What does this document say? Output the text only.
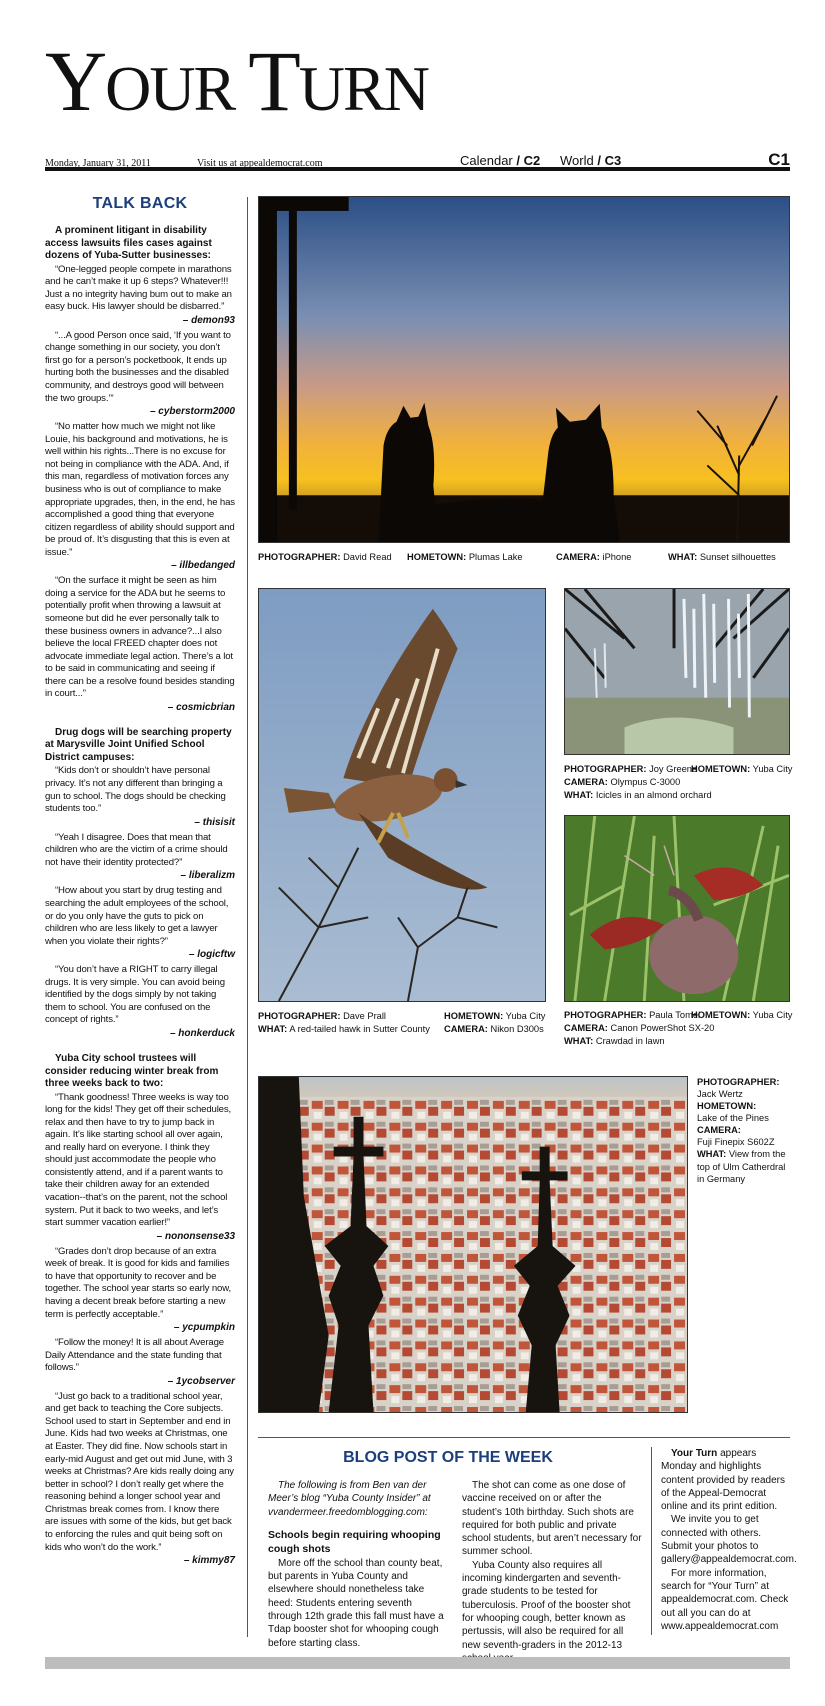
YOUR TURN
Monday, January 31, 2011	Visit us at appealdemocrat.com	Calendar / C2 World / C3	C1
TALK BACK
A prominent litigant in disability access lawsuits files cases against dozens of Yuba-Sutter businesses:
“One-legged people compete in marathons and he can’t make it up 6 steps? Whatever!!! Just a no integrity having bum out to make an easy buck. His lawyer should be disbarred.”
– demon93
“...A good Person once said, ‘If you want to change something in our society, you don’t first go for a person’s pocketbook, It ends up hurting both the businesses and the disabled community, and destroys good will between the two groups.’”
– cyberstorm2000
“No matter how much we might not like Louie, his background and motivations, he is well within his rights...There is no excuse for not being in compliance with the ADA. And, if this man, regardless of motivation forces any business who is out of compliance to make appropriate upgrades, then, in the end, he has accomplished a good thing that everyone citizen regardless of ability should support and be proud of. It’s disgusting that this is even at issue.”
– illbedanged
“On the surface it might be seen as him doing a service for the ADA but he seems to potentially profit when throwing a lawsuit at someone but did he ever personally talk to these business owners in advance?...I also believe the local FREED chapter does not advocate immediate legal action. There’s a lot to be said in communicating and seeing if there can be a resolve found besides standing in court...”
– cosmicbrian
Drug dogs will be searching property at Marysville Joint Unified School District campuses:
“Kids don’t or shouldn’t have personal privacy. It’s not any different than bringing a gun to school. The dogs should be checking students too.”
– thisisit
“Yeah I disagree. Does that mean that children who are the victim of a crime should not have their identity protected?”
– liberalizm
“How about you start by drug testing and searching the adult employees of the school, or do you only have the guts to pick on children who are less likely to get a lawyer when you violate their rights?”
– logicftw
“You don’t have a RIGHT to carry illegal drugs. It is very simple. You can avoid being identified by the dogs simply by not taking them to school. You are confused on the concept of rights.”
– honkerduck
Yuba City school trustees will consider reducing winter break from three weeks back to two:
“Thank goodness! Three weeks is way too long for the kids! They get off their schedules, relax and then have to try to jump back in again. It’s like starting school all over again, and really hard on everyone. I think they should just accommodate the people who consistently attend, and if a parent wants to take their children away for an extended vacation--that’s on the parent, not the school system. Put it back to two weeks, and let’s start summer vacation earlier!”
– nononsense33
“Grades don’t drop because of an extra week of break. It is good for kids and families to have that opportunity to recover and be together. The school year starts so early now, having a decent break before starting a new term is perfectly acceptable.”
– ycpumpkin
“Follow the money! It is all about Average Daily Attendance and the state funding that follows.”
– 1ycobserver
“Just go back to a traditional school year, and get back to teaching the Core subjects. School used to start in September and end in June. Kids had two weeks at Christmas, one at Easter. They did fine. Now schools start in early-mid August and get out mid June, with 3 weeks at Christmas? Are kids really doing any better in school? I don’t really get where the reasoning behind a longer school year and Christmas break comes from. I know there are issues with some of the kids, but get back to enforcing the rules and quit being soft on kids who won’t do the work.”
– kimmy87
PHOTOGRAPHER: David Read HOMETOWN: Plumas Lake	CAMERA: iPhone	WHAT: Sunset silhouettes
PHOTOGRAPHER: Dave Prall	HOMETOWN: Yuba City
WHAT: A red-tailed hawk in Sutter County CAMERA: Nikon D300s
PHOTOGRAPHER: Joy Greene
HOMETOWN: Yuba City
CAMERA: Olympus C-3000
WHAT: Icicles in an almond orchard
PHOTOGRAPHER: Paula Tomei
HOMETOWN: Yuba City
CAMERA: Canon PowerShot SX-20
WHAT: Crawdad in lawn
PHOTOGRAPHER:
Jack Wertz
HOMETOWN:
Lake of the Pines
CAMERA:
Fuji Finepix S602Z
WHAT: View from the top of Ulm Catherdral in Germany
BLOG POST OF THE WEEK

The following is from Ben van der Meer’s blog “Yuba County Insider” at vvandermeer.freedomblogging.com:

Schools begin requiring whooping cough shots

More off the school than county beat, but parents in Yuba County and elsewhere should nonetheless take heed: Students entering seventh through 12th grade this fall must have a Tdap booster shot for whooping cough before starting class.

The shot can come as one dose of vaccine received on or after the student’s 10th birthday. Such shots are required for both public and private school students, but aren’t necessary for summer school.

Yuba County also requires all incoming kindergarten and seventh-grade students to be tested for tuberculosis. Proof of the booster shot for whooping cough, better known as pertussis, will also be required for all new seventh-graders in the 2012-13

Your Turn appears Monday and highlights content provided by readers of the Appeal-Democrat online and its print edition.

We invite you to get connected with others. Submit your photos to gallery@appealdemocrat.com.

For more information, search for “Your Turn” at appealdemocrat.com. Check out all you can do at www.appealdemocrat.com
